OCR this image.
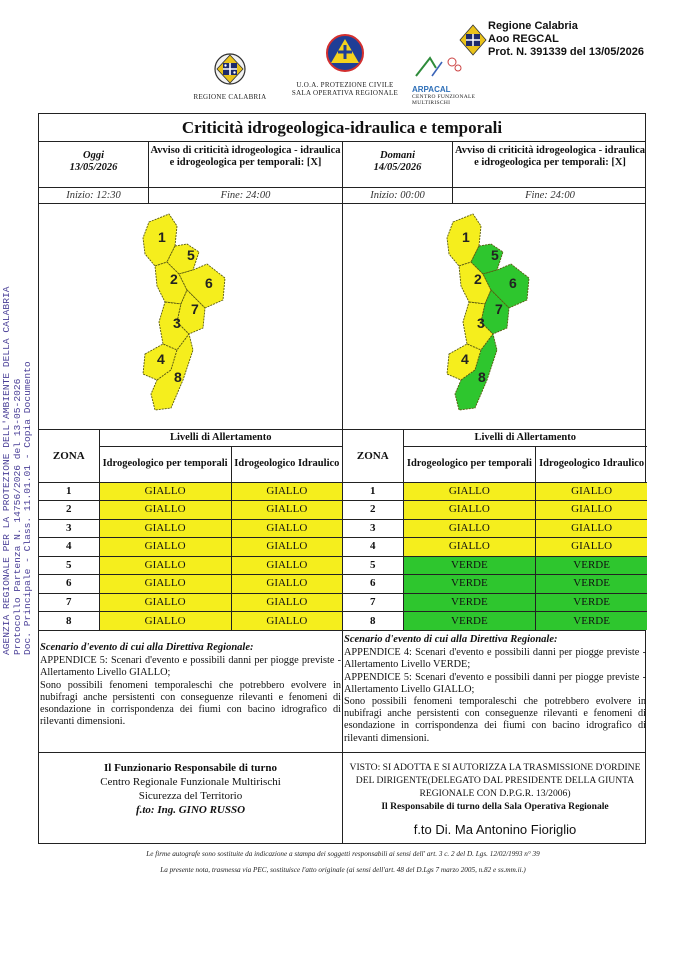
REGIONE CALABRIA
U.O.A. PROTEZIONE CIVILE
SALA OPERATIVA REGIONALE ARPACAL
CENTRO FUNZIONALE MULTIRISCHI
Regione Calabria
Aoo REGCAL
Prot. N. 391339 del 13/05/2026
AGENZIA REGIONALE PER LA PROTEZIONE DELL'AMBIENTE DELLA CALABRIA Protocollo Partenza N. 14756/2026 del 13-05-2026 Doc. Principale - Class. 11.01.01 - Copia Documento
Criticità idrogeologica-idraulica e temporali
Oggi
13/05/2026
Avviso di criticità idrogeologica - idraulica e idrogeologica per temporali: [X]
Domani
14/05/2026
Avviso di criticità idrogeologica - idraulica e idrogeologica per temporali: [X]
Inizio: 12:30	Fine: 24:00	Inizio: 00:00	Fine: 24:00
1
2
3
4
5
6
7
8
1
2
3
4
5
6
7
8
ZONA	Livelli di Allertamento	
	Idrogeologico per temporali	Idrogeologico Idraulico
1	GIALLO	GIALLO
2	GIALLO	GIALLO
3	GIALLO	GIALLO
4	GIALLO	GIALLO
5	GIALLO	GIALLO
6	GIALLO	GIALLO
7	GIALLO	GIALLO
8	GIALLO	GIALLO
ZONA	Livelli di Allertamento	
	Idrogeologico per temporali	Idrogeologico Idraulico
1	GIALLO	GIALLO
2	GIALLO	GIALLO
3	GIALLO	GIALLO
4	GIALLO	GIALLO
5	VERDE	VERDE
6	VERDE	VERDE
7	VERDE	VERDE
8	VERDE	VERDE
Scenario d'evento di cui alla Direttiva Regionale:

APPENDICE 5: Scenari d'evento e possibili danni per piogge previste - Allertamento Livello GIALLO;

Sono possibili fenomeni temporaleschi che potrebbero evolvere in nubifragi anche persistenti con conseguenze rilevanti e fenomeni di esondazione in corrispondenza dei fiumi con bacino idrografico di rilevanti dimensioni.

Scenario d'evento di cui alla Direttiva Regionale:

APPENDICE 4: Scenari d'evento e possibili danni per piogge previste - Allertamento Livello VERDE;

APPENDICE 5: Scenari d'evento e possibili danni per piogge previste - Allertamento Livello GIALLO;

Sono possibili fenomeni temporaleschi che potrebbero evolvere in nubifragi anche persistenti con conseguenze rilevanti e fenomeni di esondazione in corrispondenza dei fiumi con bacino idrografico di rilevanti dimensioni.

Il Funzionario Responsabile di turno
Centro Regionale Funzionale Multirischi
Sicurezza del Territorio
f.to: Ing. GINO RUSSO
VISTO: SI ADOTTA E SI AUTORIZZA LA TRASMISSIONE D'ORDINE
DEL DIRIGENTE(DELEGATO DAL PRESIDENTE DELLA GIUNTA
REGIONALE CON D.P.G.R. 13/2006)
Il Responsabile di turno della Sala Operativa Regionale
f.to Di. Ma Antonino Fioriglio
Le firme autografe sono sostituite da indicazione a stampa dei soggetti responsabili ai sensi dell' art. 3 c. 2 del D. Lgs. 12/02/1993 n° 39
La presente nota, trasmessa via PEC, sostituisce l'atto originale (ai sensi dell'art. 48 del D.Lgs 7 marzo 2005, n.82 e ss.mm.ii.)
